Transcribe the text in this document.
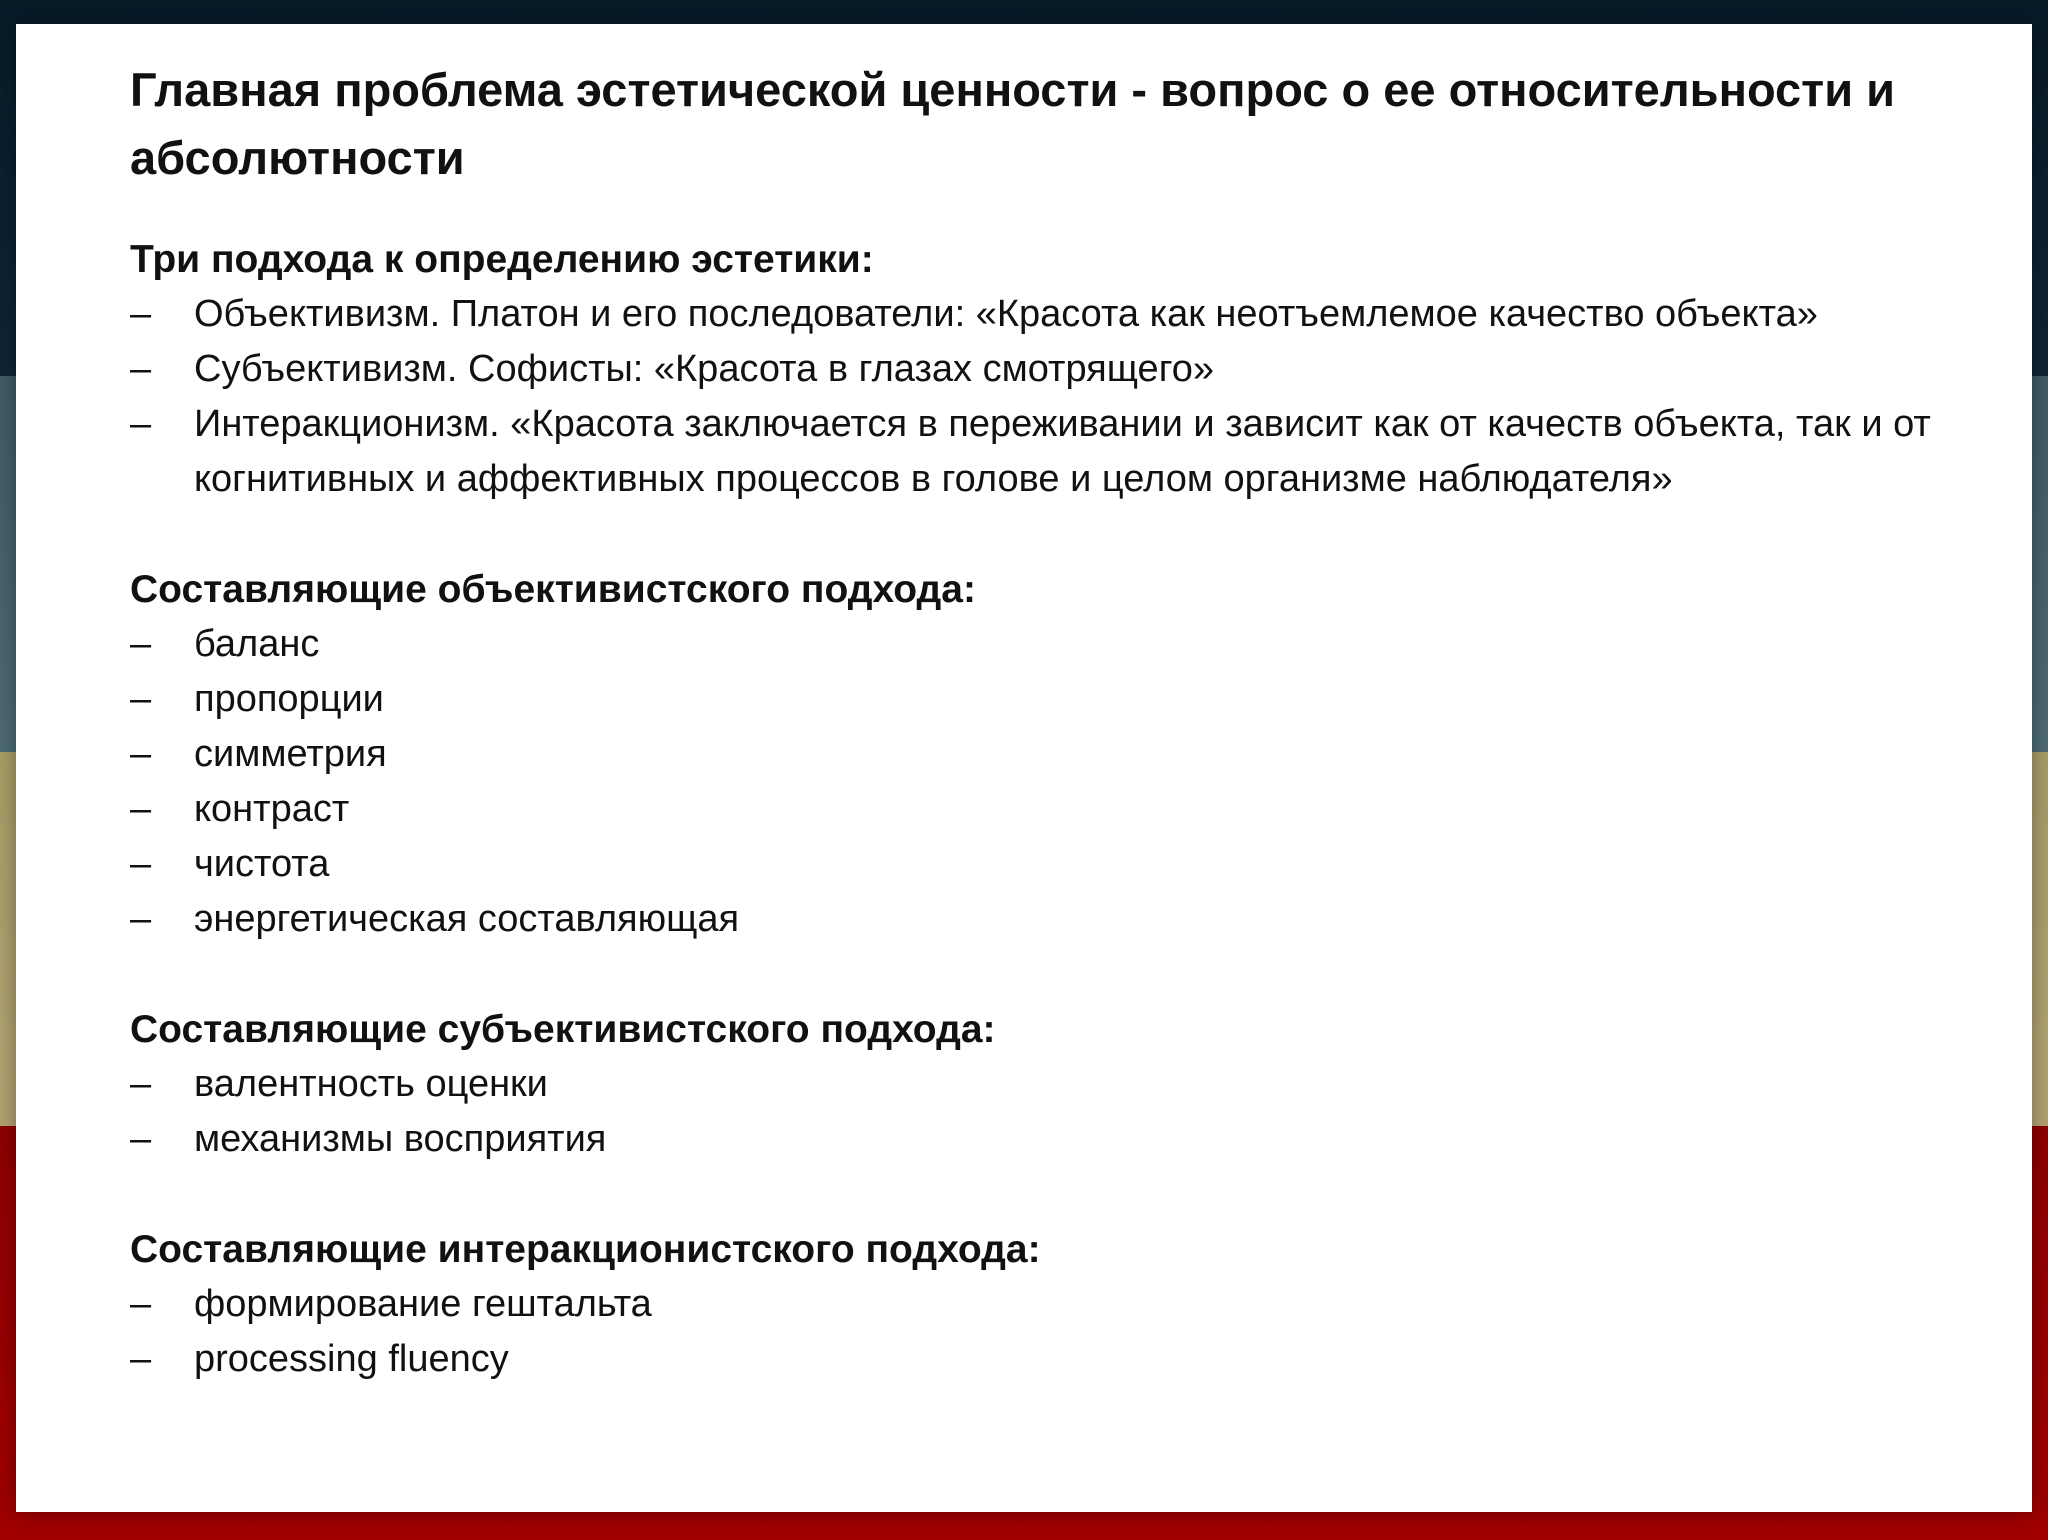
Главная проблема эстетической ценности - вопрос о ее относительности и абсолютности

Три подхода к определению эстетики:

– Объективизм. Платон и его последователи: «Красота как неотъемлемое качество объекта»
– Субъективизм. Софисты: «Красота в глазах смотрящего»
– Интеракционизм. «Красота заключается в переживании и зависит как от качеств объекта, так и от когнитивных и аффективных процессов в голове и целом организме наблюдателя»

Составляющие объективистского подхода:

– баланс
– пропорции
– симметрия
– контраст
– чистота
– энергетическая составляющая

Составляющие субъективистского подхода:

– валентность оценки
– механизмы восприятия

Составляющие интеракционистского подхода:

– формирование гештальта
– processing fluency
